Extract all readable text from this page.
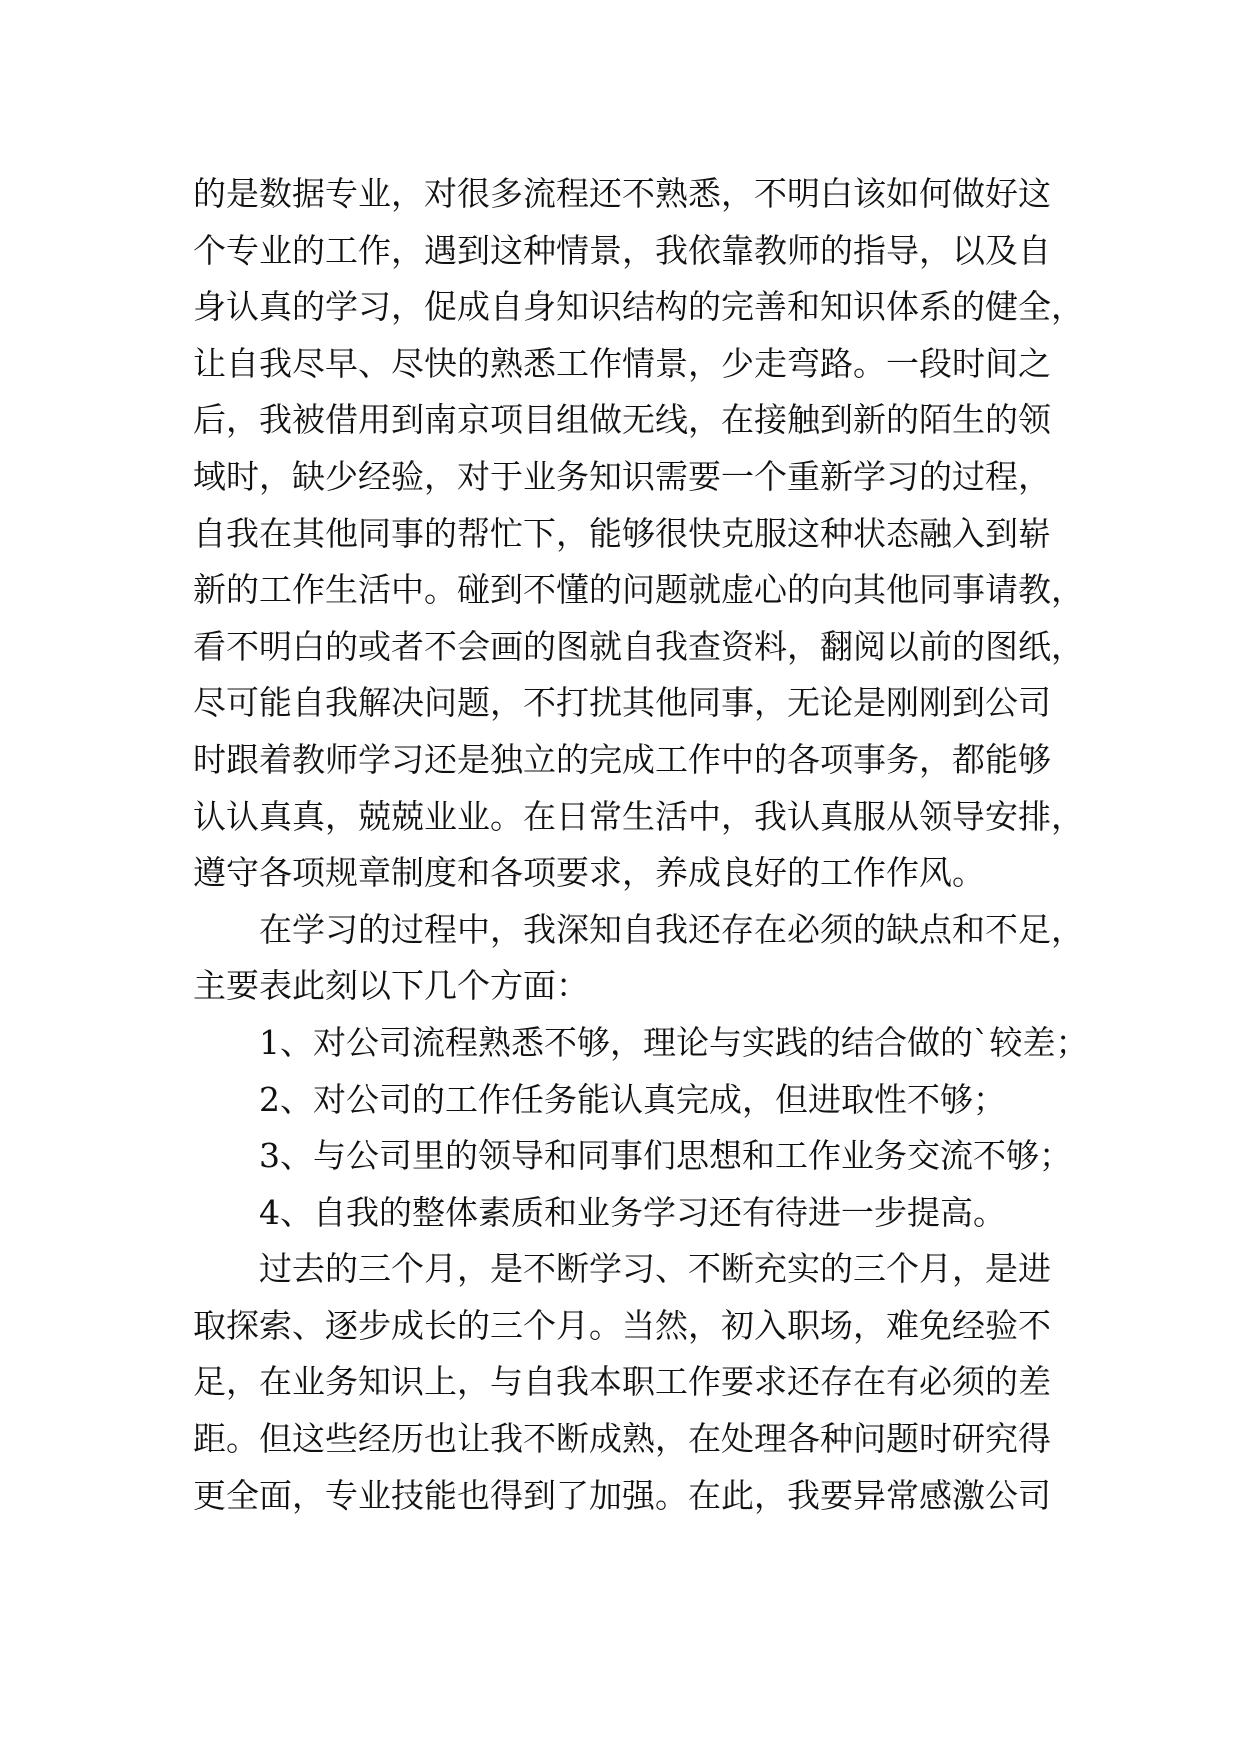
的是数据专业，对很多流程还不熟悉，不明白该如何做好这
个专业的工作，遇到这种情景，我依靠教师的指导，以及自
身认真的学习，促成自身知识结构的完善和知识体系的健全，
让自我尽早、尽快的熟悉工作情景，少走弯路。一段时间之
后，我被借用到南京项目组做无线，在接触到新的陌生的领
域时，缺少经验，对于业务知识需要一个重新学习的过程，
自我在其他同事的帮忙下，能够很快克服这种状态融入到崭
新的工作生活中。碰到不懂的问题就虚心的向其他同事请教，
看不明白的或者不会画的图就自我查资料，翻阅以前的图纸，
尽可能自我解决问题，不打扰其他同事，无论是刚刚到公司
时跟着教师学习还是独立的完成工作中的各项事务，都能够
认认真真，兢兢业业。在日常生活中，我认真服从领导安排，
遵守各项规章制度和各项要求，养成良好的工作作风。
在学习的过程中，我深知自我还存在必须的缺点和不足，
主要表此刻以下几个方面：
1、对公司流程熟悉不够，理论与实践的结合做的`较差；
2、对公司的工作任务能认真完成，但进取性不够；
3、与公司里的领导和同事们思想和工作业务交流不够；
4、自我的整体素质和业务学习还有待进一步提高。
过去的三个月，是不断学习、不断充实的三个月，是进
取探索、逐步成长的三个月。当然，初入职场，难免经验不
足，在业务知识上，与自我本职工作要求还存在有必须的差
距。但这些经历也让我不断成熟，在处理各种问题时研究得
更全面，专业技能也得到了加强。在此，我要异常感激公司
